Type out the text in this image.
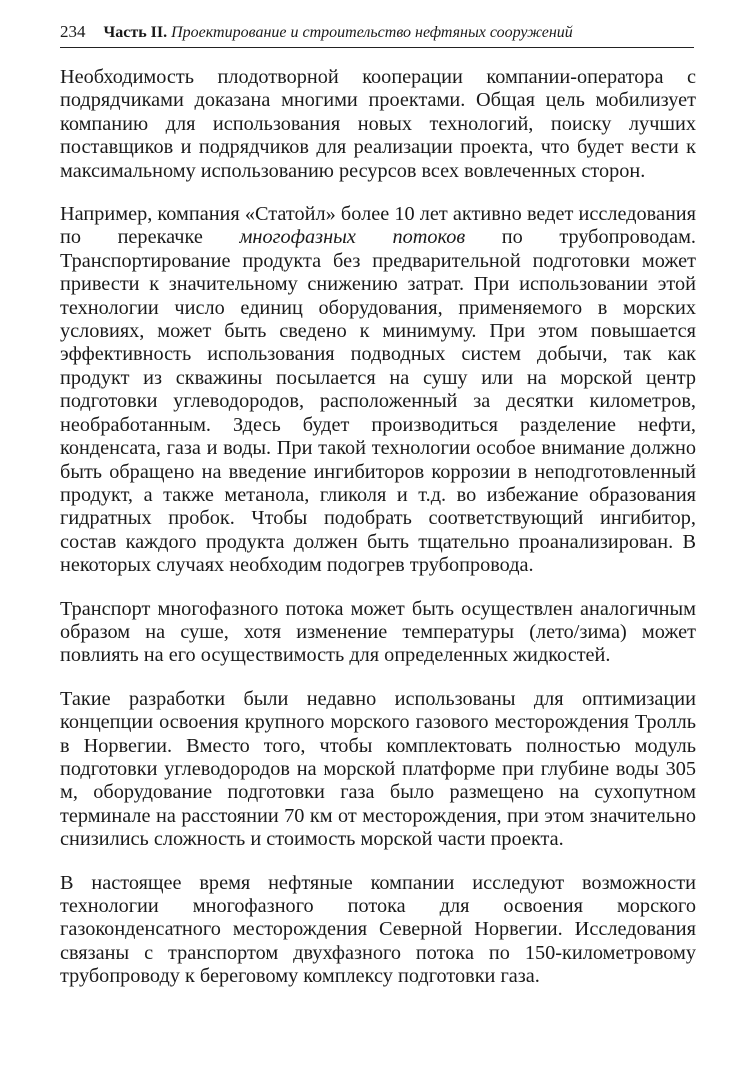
234 Часть II. Проектирование и строительство нефтяных сооружений

Необходимость плодотворной кооперации компании-оператора с подрядчиками доказана многими проектами. Общая цель мобилизует компанию для использования новых технологий, поиску лучших поставщиков и подрядчиков для реализации проекта, что будет вести к максимальному использованию ресурсов всех вовлеченных сторон.

Например, компания «Статойл» более 10 лет активно ведет исследования по перекачке многофазных потоков по трубопроводам. Транспортирование продукта без предварительной подготовки может привести к значительному снижению затрат. При использовании этой технологии число единиц оборудования, применяемого в морских условиях, может быть сведено к минимуму. При этом повышается эффективность использования подводных систем добычи, так как продукт из скважины посылается на сушу или на морской центр подготовки углеводородов, расположенный за десятки километров, необработанным. Здесь будет производиться разделение нефти, конденсата, газа и воды. При такой технологии особое внимание должно быть обращено на введение ингибиторов коррозии в неподготовленный продукт, а также метанола, гликоля и т.д. во избежание образования гидратных пробок. Чтобы подобрать соответствующий ингибитор, состав каждого продукта должен быть тщательно проанализирован. В некоторых случаях необходим подогрев трубопровода.

Транспорт многофазного потока может быть осуществлен аналогичным образом на суше, хотя изменение температуры (лето/зима) может повлиять на его осуществимость для определенных жидкостей.

Такие разработки были недавно использованы для оптимизации концепции освоения крупного морского газового месторождения Тролль в Норвегии. Вместо того, чтобы комплектовать полностью модуль подготовки углеводородов на морской платформе при глубине воды 305 м, оборудование подготовки газа было размещено на сухопутном терминале на расстоянии 70 км от месторождения, при этом значительно снизились сложность и стоимость морской части проекта.

В настоящее время нефтяные компании исследуют возможности технологии многофазного потока для освоения морского газоконденсатного месторождения Северной Норвегии. Исследования связаны с транспортом двухфазного потока по 150-километровому трубопроводу к береговому комплексу подготовки газа.
